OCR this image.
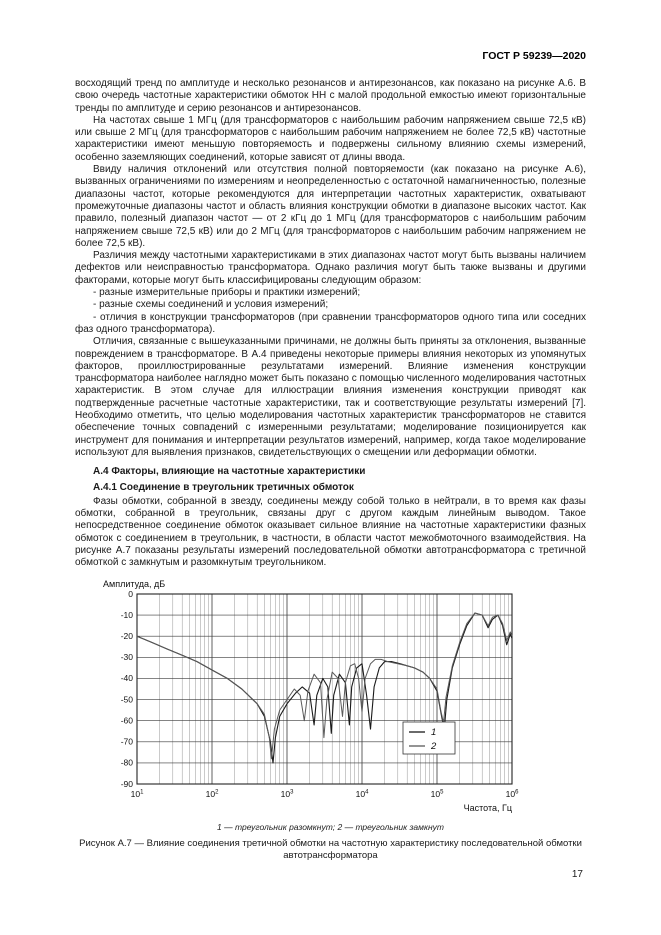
ГОСТ Р 59239—2020

восходящий тренд по амплитуде и несколько резонансов и антирезонансов, как показано на рисунке А.6. В свою очередь частотные характеристики обмоток НН с малой продольной емкостью имеют горизонтальные тренды по амплитуде и серию резонансов и антирезонансов.

На частотах свыше 1 МГц (для трансформаторов с наибольшим рабочим напряжением свыше 72,5 кВ) или свыше 2 МГц (для трансформаторов с наибольшим рабочим напряжением не более 72,5 кВ) частотные характеристики имеют меньшую повторяемость и подвержены сильному влиянию схемы измерений, особенно заземляющих соединений, которые зависят от длины ввода.

Ввиду наличия отклонений или отсутствия полной повторяемости (как показано на рисунке А.6), вызванных ограничениями по измерениям и неопределенностью с остаточной намагниченностью, полезные диапазоны частот, которые рекомендуются для интерпретации частотных характеристик, охватывают промежуточные диапазоны частот и область влияния конструкции обмотки в диапазоне высоких частот. Как правило, полезный диапазон частот — от 2 кГц до 1 МГц (для трансформаторов с наибольшим рабочим напряжением свыше 72,5 кВ) или до 2 МГц (для трансформаторов с наибольшим рабочим напряжением не более 72,5 кВ).

Различия между частотными характеристиками в этих диапазонах частот могут быть вызваны наличием дефектов или неисправностью трансформатора. Однако различия могут быть также вызваны и другими факторами, которые могут быть классифицированы следующим образом:

- разные измерительные приборы и практики измерений;

- разные схемы соединений и условия измерений;

- отличия в конструкции трансформаторов (при сравнении трансформаторов одного типа или соседних фаз одного трансформатора).

Отличия, связанные с вышеуказанными причинами, не должны быть приняты за отклонения, вызванные повреждением в трансформаторе. В А.4 приведены некоторые примеры влияния некоторых из упомянутых факторов, проиллюстрированные результатами измерений. Влияние изменения конструкции трансформатора наиболее наглядно может быть показано с помощью численного моделирования частотных характеристик. В этом случае для иллюстрации влияния изменения конструкции приводят как подтвержденные расчетные частотные характеристики, так и соответствующие результаты измерений [7]. Необходимо отметить, что целью моделирования частотных характеристик трансформаторов не ставится обеспечение точных совпадений с измеренными результатами; моделирование позиционируется как инструмент для понимания и интерпретации результатов измерений, например, когда такое моделирование используют для выявления признаков, свидетельствующих о смещении или деформации обмотки.

А.4 Факторы, влияющие на частотные характеристики

А.4.1 Соединение в треугольник третичных обмоток

Фазы обмотки, собранной в звезду, соединены между собой только в нейтрали, в то время как фазы обмотки, собранной в треугольник, связаны друг с другом каждым линейным выводом. Такое непосредственное соединение обмоток оказывает сильное влияние на частотные характеристики фазных обмоток с соединением в треугольник, в частности, в области частот межобмоточного взаимодействия. На рисунке А.7 показаны результаты измерений последовательной обмотки автотрансформатора с третичной обмоткой с замкнутым и разомкнутым треугольником.

$10^1$	$10^2$	$10^3$	$10^4$	$10^5$	$10^6$
0
-10
-20
-30
-40
-50
-60
-70
-80
-90
1
2
Амплитуда, дБ
Частота, Гц
1 — треугольник разомкнут; 2 — треугольник замкнут
Рисунок А.7 — Влияние соединения третичной обмотки на частотную характеристику последовательной обмотки автотрансформатора
17
